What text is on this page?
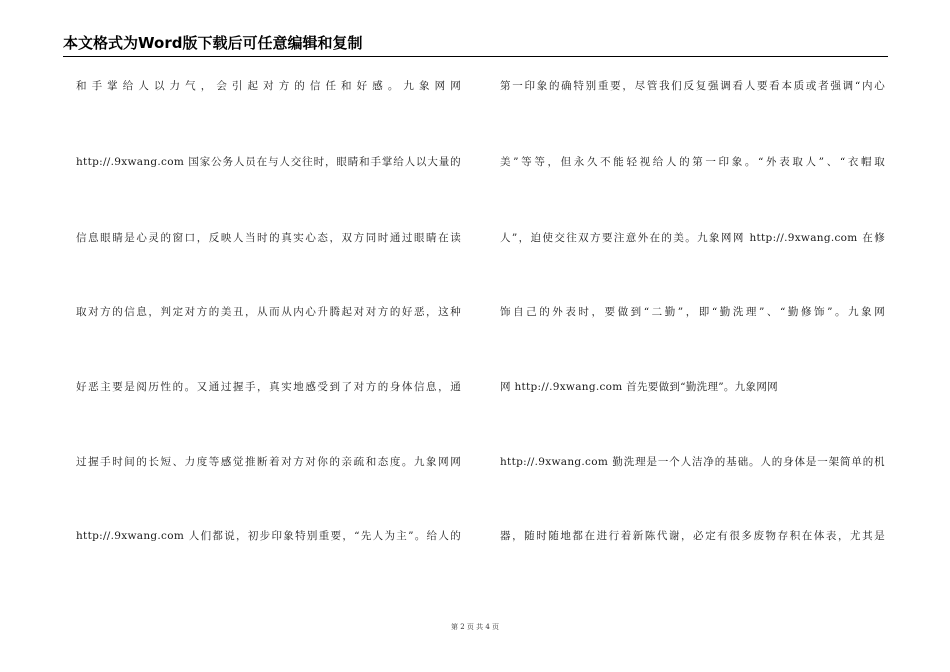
本文格式为Word版下载后可任意编辑和复制
和手掌给人以力气，会引起对方的信任和好感。九象网网
http://.9xwang.com 国家公务人员在与人交往时，眼睛和手掌给人以大量的
信息眼睛是心灵的窗口，反映人当时的真实心态，双方同时通过眼睛在读
取对方的信息，判定对方的美丑，从而从内心升腾起对对方的好恶，这种
好恶主要是阅历性的。又通过握手，真实地感受到了对方的身体信息，通
过握手时间的长短、力度等感觉推断着对方对你的亲疏和态度。九象网网
http://.9xwang.com 人们都说，初步印象特别重要，“先人为主”。给人的
第一印象的确特别重要，尽管我们反复强调看人要看本质或者强调“内心
美”等等，但永久不能轻视给人的第一印象。“外表取人”、“衣帽取
人”，迫使交往双方要注意外在的美。九象网网 http://.9xwang.com 在修
饰自己的外表时，要做到“二勤”，即“勤洗理”、“勤修饰”。九象网
网 http://.9xwang.com 首先要做到“勤洗理”。九象网网
http://.9xwang.com 勤洗理是一个人洁净的基础。人的身体是一架简单的机
器，随时随地都在进行着新陈代谢，必定有很多废物存积在体表，尤其是
第 2 页 共 4 页
